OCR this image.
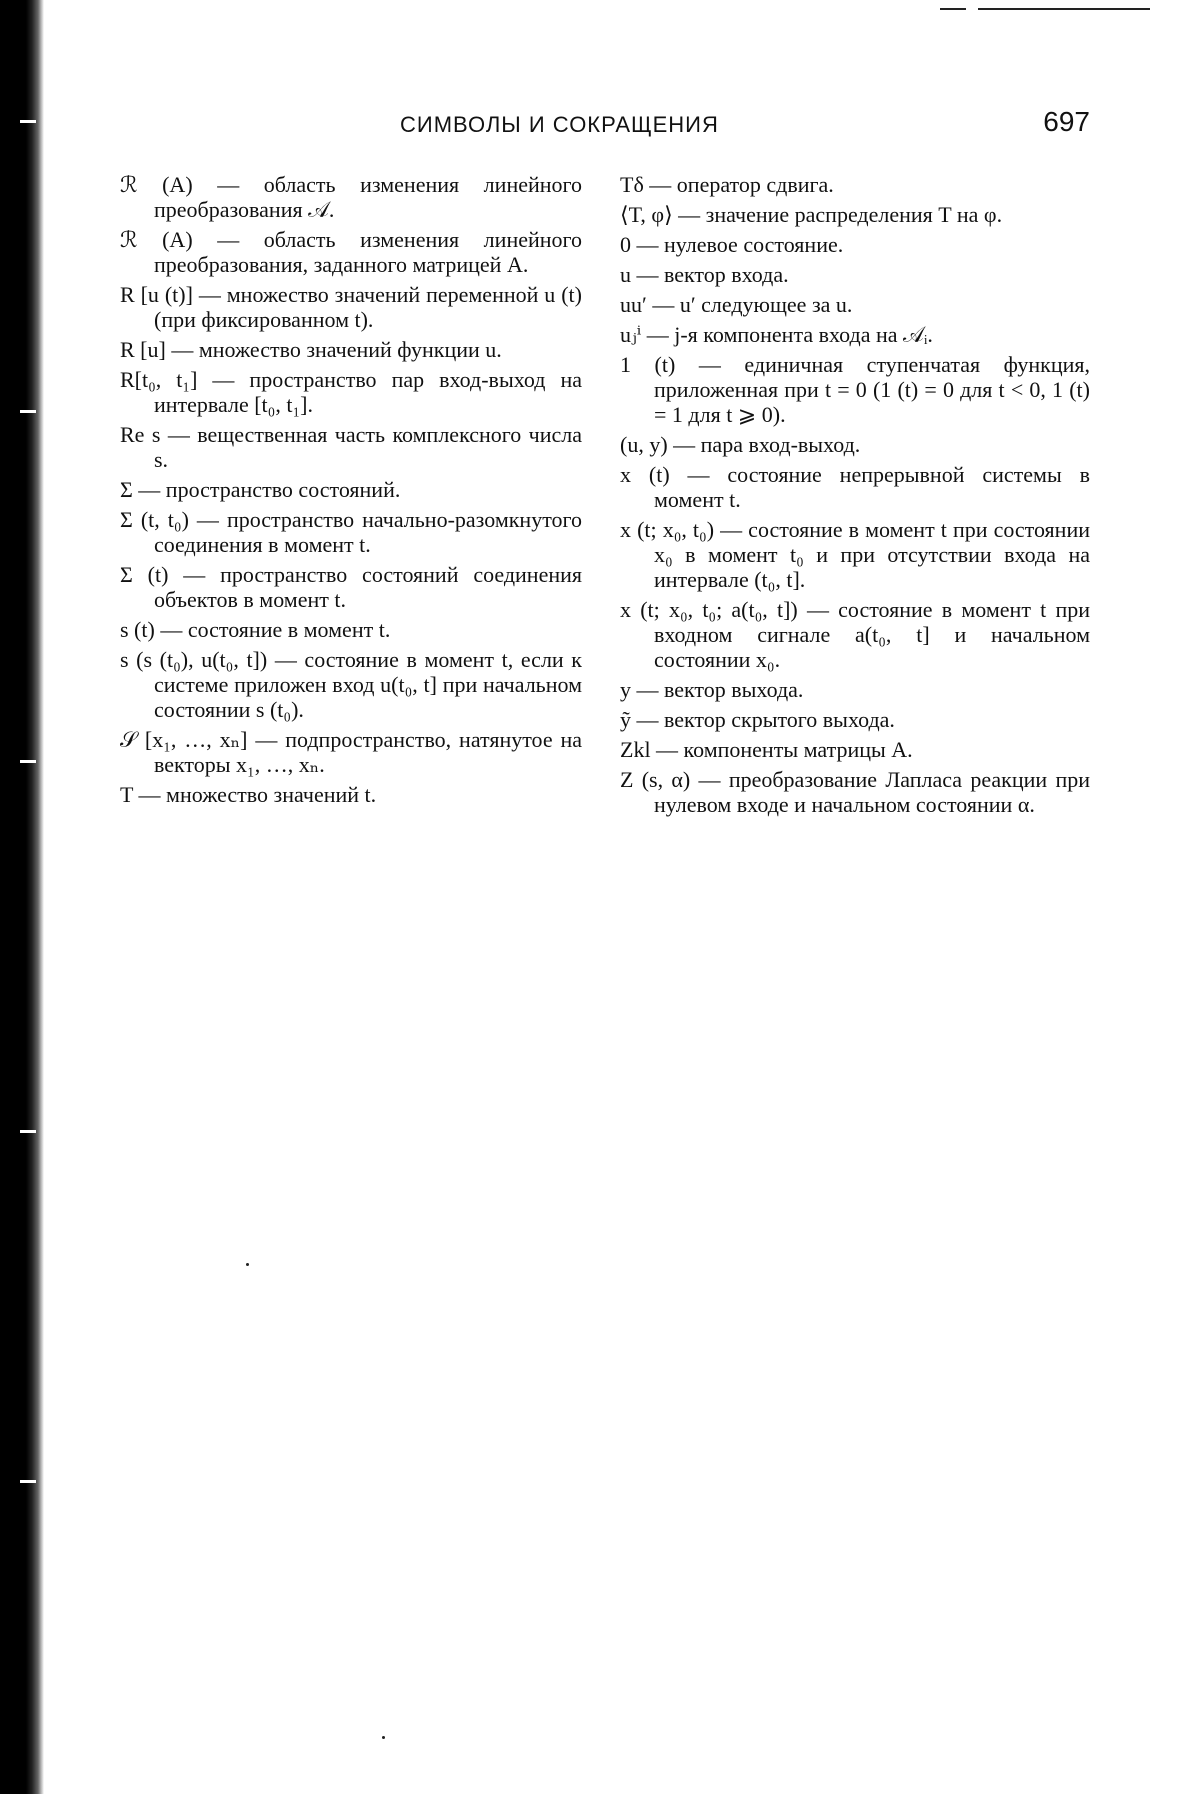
СИМВОЛЫ И СОКРАЩЕНИЯ	697

ℛ (A) — область изменения линейного преобразования 𝒜.

ℛ (A) — область изменения линейного преобразования, заданного матрицей A.

R [u (t)] — множество значений переменной u (t) (при фиксированном t).

R [u] — множество значений функции u.

R[t₀, t₁] — пространство пар вход-выход на интервале [t₀, t₁].

Re s — вещественная часть комплексного числа s.

Σ — пространство состояний.

Σ (t, t₀) — пространство начально-разомкнутого соединения в момент t.

Σ (t) — пространство состояний соединения объектов в момент t.

s (t) — состояние в момент t.

s (s (t₀), u(t₀, t]) — состояние в момент t, если к системе приложен вход u(t₀, t] при начальном состоянии s (t₀).

𝒮 [x₁, …, xₙ] — подпространство, натянутое на векторы x₁, …, xₙ.

T — множество значений t.

Tδ — оператор сдвига.

⟨T, φ⟩ — значение распределения T на φ.

0 — нулевое состояние.

u — вектор входа.

uu′ — u′ следующее за u.

uⱼⁱ — j-я компонента входа на 𝒜ᵢ.

1 (t) — единичная ступенчатая функция, приложенная при t = 0 (1 (t) = 0 для t < 0, 1 (t) = 1 для t ⩾ 0).

(u, y) — пара вход-выход.

x (t) — состояние непрерывной системы в момент t.

x (t; x₀, t₀) — состояние в момент t при состоянии x₀ в момент t₀ и при отсутствии входа на интервале (t₀, t].

x (t; x₀, t₀; a(t₀, t]) — состояние в момент t при входном сигнале a(t₀, t] и начальном состоянии x₀.

y — вектор выхода.

ỹ — вектор скрытого выхода.

Zkl — компоненты матрицы A.

Z (s, α) — преобразование Лапласа реакции при нулевом входе и начальном состоянии α.
